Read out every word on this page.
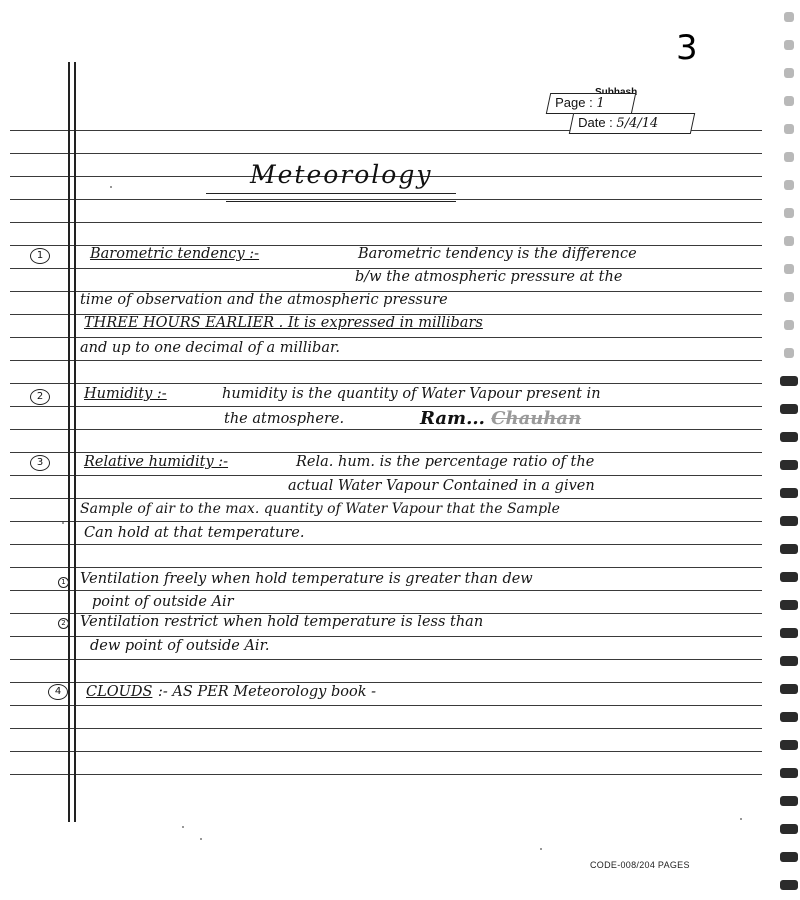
3
Page : 1
Date : 5/4/14
Meteorology
1	Barometric tendency :-	Barometric tendency is the difference
b/w the atmospheric pressure at the
time of observation and the atmospheric pressure
THREE HOURS EARLIER . It is expressed in millibars
and up to one decimal of a millibar.
2	Humidity :-	humidity is the quantity of Water Vapour present in
the atmosphere.	Ram... Chauhan
3	Relative humidity :-	Rela. hum. is the percentage ratio of the
actual Water Vapour Contained in a given
Sample of air to the max. quantity of Water Vapour that the Sample
Can hold at that temperature.
1 Ventilation freely when hold temperature is greater than dew
point of outside Air
2 Ventilation restrict when hold temperature is less than
dew point of outside Air.
4	CLOUDS :- AS PER Meteorology book -
CODE-008/204 PAGES
